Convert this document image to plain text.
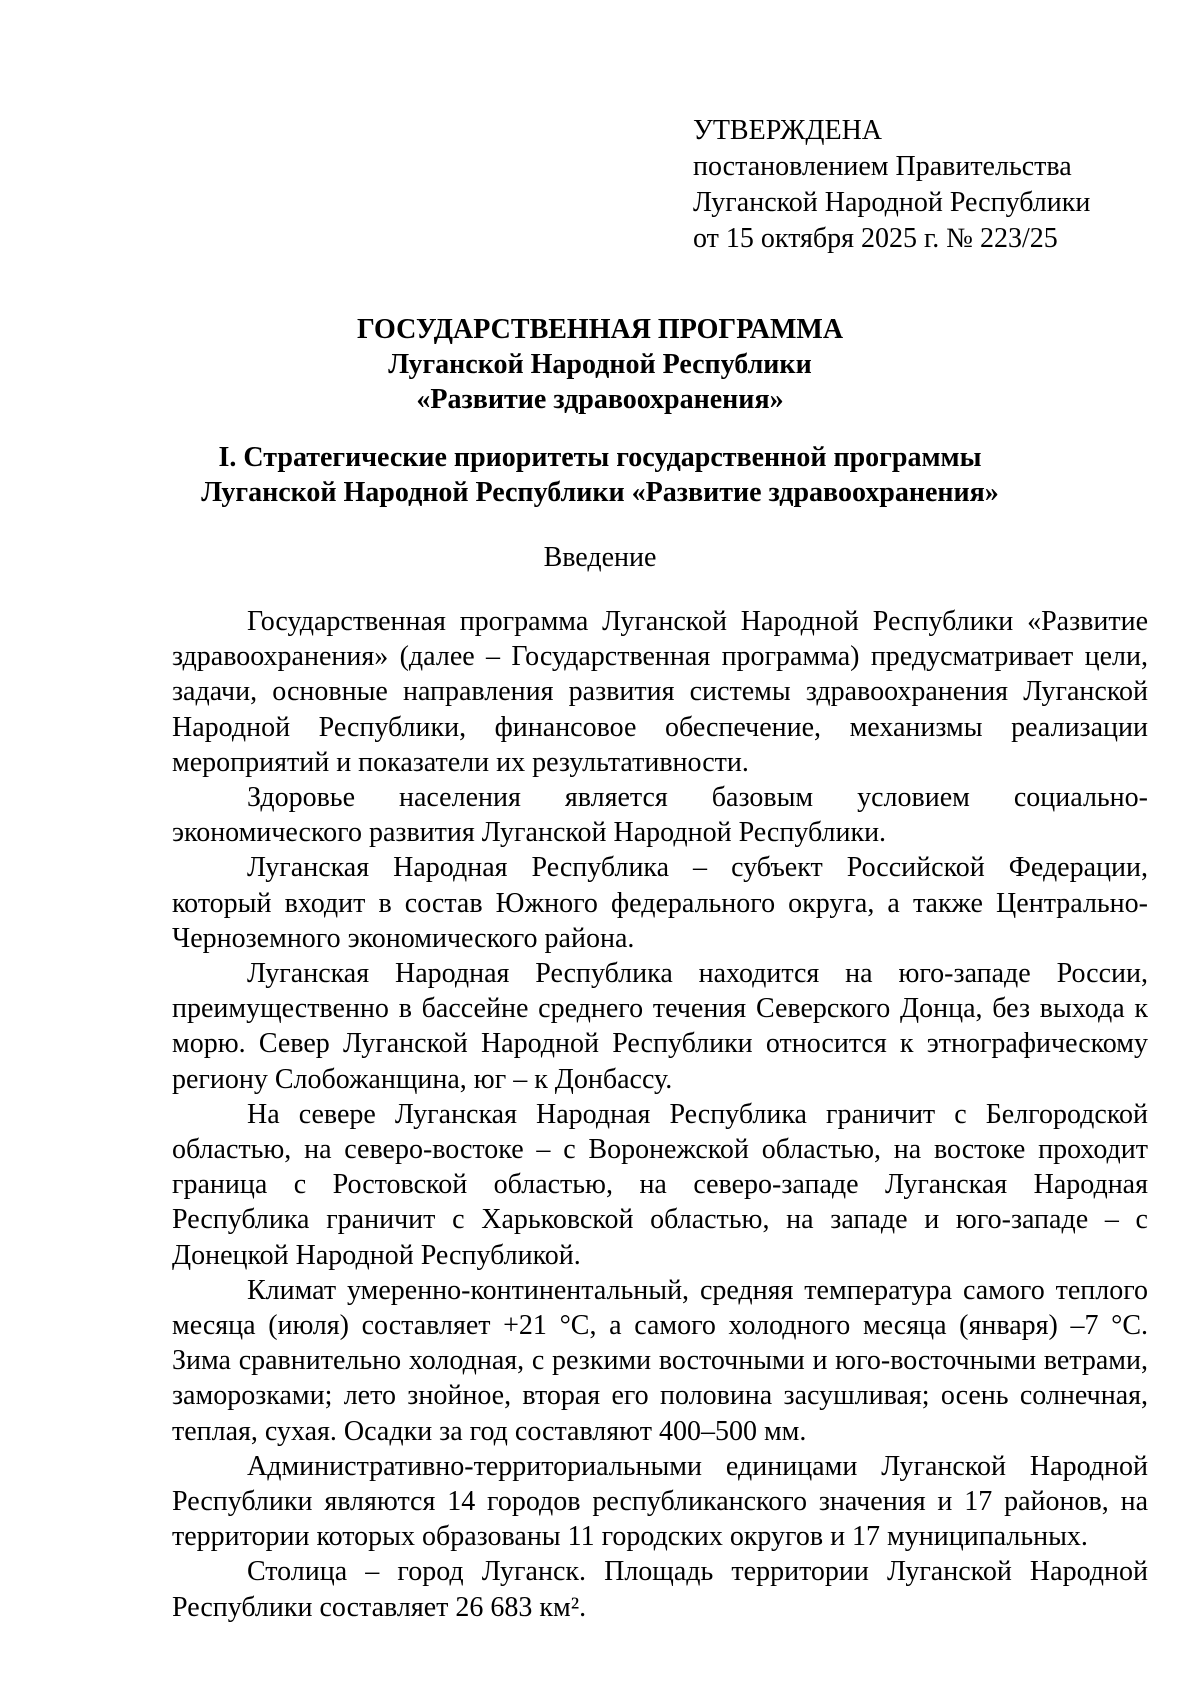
УТВЕРЖДЕНА
постановлением Правительства
Луганской Народной Республики
от 15 октября 2025 г. № 223/25
ГОСУДАРСТВЕННАЯ ПРОГРАММА
Луганской Народной Республики
«Развитие здравоохранения»
I. Стратегические приоритеты государственной программы
Луганской Народной Республики «Развитие здравоохранения»
Введение

Государственная программа Луганской Народной Республики «Развитие здравоохранения» (далее – Государственная программа) предусматривает цели, задачи, основные направления развития системы здравоохранения Луганской Народной Республики, финансовое обеспечение, механизмы реализации мероприятий и показатели их результативности.

Здоровье населения является базовым условием социально-экономического развития Луганской Народной Республики.

Луганская Народная Республика – субъект Российской Федерации, который входит в состав Южного федерального округа, а также Центрально-Черноземного экономического района.

Луганская Народная Республика находится на юго-западе России, преимущественно в бассейне среднего течения Северского Донца, без выхода к морю. Север Луганской Народной Республики относится к этнографическому региону Слобожанщина, юг – к Донбассу.

На севере Луганская Народная Республика граничит с Белгородской областью, на северо-востоке – с Воронежской областью, на востоке проходит граница с Ростовской областью, на северо-западе Луганская Народная Республика граничит с Харьковской областью, на западе и юго-западе – с Донецкой Народной Республикой.

Климат умеренно-континентальный, средняя температура самого теплого месяца (июля) составляет +21 °C, а самого холодного месяца (января) –7 °C. Зима сравнительно холодная, с резкими восточными и юго-восточными ветрами, заморозками; лето знойное, вторая его половина засушливая; осень солнечная, теплая, сухая. Осадки за год составляют 400–500 мм.

Административно-территориальными единицами Луганской Народной Республики являются 14 городов республиканского значения и 17 районов, на территории которых образованы 11 городских округов и 17 муниципальных.

Столица – город Луганск. Площадь территории Луганской Народной Республики составляет 26 683 км².
